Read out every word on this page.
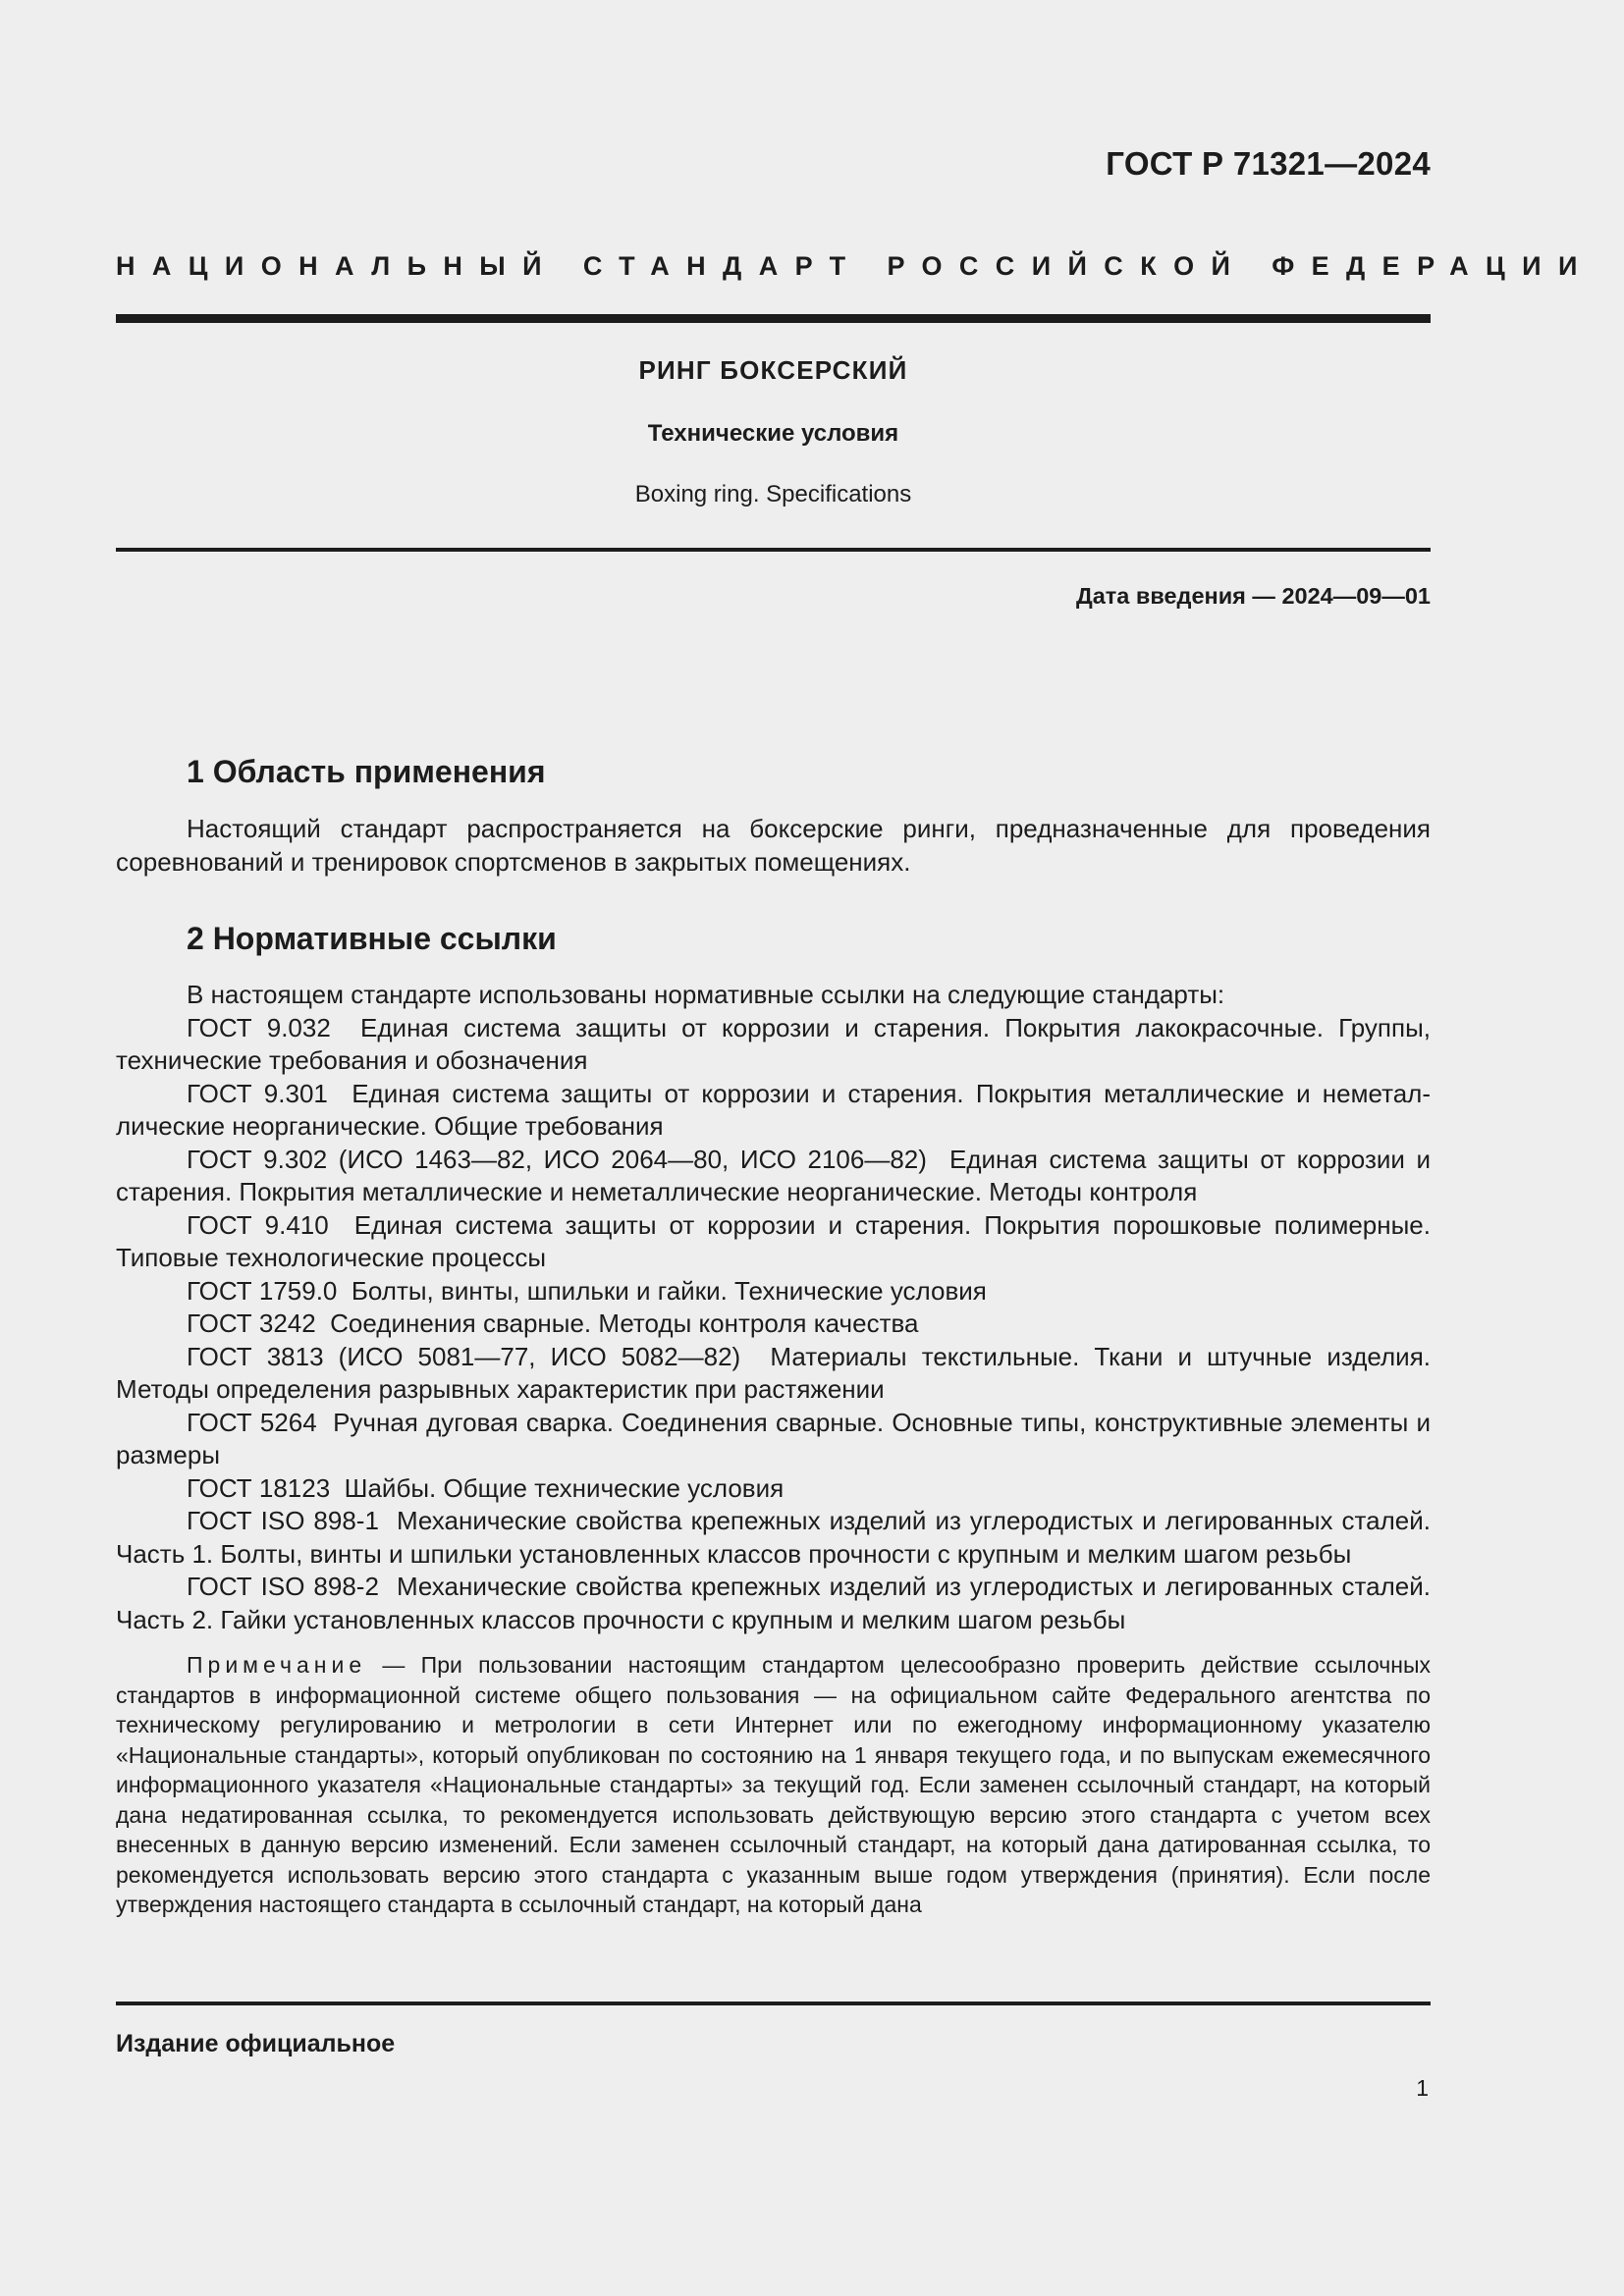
ГОСТ Р 71321—2024
НАЦИОНАЛЬНЫЙ СТАНДАРТ РОССИЙСКОЙ ФЕДЕРАЦИИ
РИНГ БОКСЕРСКИЙ
Технические условия
Boxing ring. Specifications
Дата введения — 2024—09—01
1 Область применения

Настоящий стандарт распространяется на боксерские ринги, предназначенные для проведения соревнований и тренировок спортсменов в закрытых помещениях.

2 Нормативные ссылки

В настоящем стандарте использованы нормативные ссылки на следующие стандарты:

ГОСТ 9.032 Единая система защиты от коррозии и старения. Покрытия лакокрасочные. Группы, технические требования и обозначения

ГОСТ 9.301 Единая система защиты от коррозии и старения. Покрытия металлические и неметаллические неорганические. Общие требования

ГОСТ 9.302 (ИСО 1463—82, ИСО 2064—80, ИСО 2106—82) Единая система защиты от коррозии и старения. Покрытия металлические и неметаллические неорганические. Методы контроля

ГОСТ 9.410 Единая система защиты от коррозии и старения. Покрытия порошковые полимерные. Типовые технологические процессы

ГОСТ 1759.0 Болты, винты, шпильки и гайки. Технические условия

ГОСТ 3242 Соединения сварные. Методы контроля качества

ГОСТ 3813 (ИСО 5081—77, ИСО 5082—82) Материалы текстильные. Ткани и штучные изделия. Методы определения разрывных характеристик при растяжении

ГОСТ 5264 Ручная дуговая сварка. Соединения сварные. Основные типы, конструктивные элементы и размеры

ГОСТ 18123 Шайбы. Общие технические условия

ГОСТ ISO 898-1 Механические свойства крепежных изделий из углеродистых и легированных сталей. Часть 1. Болты, винты и шпильки установленных классов прочности с крупным и мелким шагом резьбы

ГОСТ ISO 898-2 Механические свойства крепежных изделий из углеродистых и легированных сталей. Часть 2. Гайки установленных классов прочности с крупным и мелким шагом резьбы

Примечание — При пользовании настоящим стандартом целесообразно проверить действие ссылочных стандартов в информационной системе общего пользования — на официальном сайте Федерального агентства по техническому регулированию и метрологии в сети Интернет или по ежегодному информационному указателю «Национальные стандарты», который опубликован по состоянию на 1 января текущего года, и по выпускам ежемесячного информационного указателя «Национальные стандарты» за текущий год. Если заменен ссылочный стандарт, на который дана недатированная ссылка, то рекомендуется использовать действующую версию этого стандарта с учетом всех внесенных в данную версию изменений. Если заменен ссылочный стандарт, на который дана датированная ссылка, то рекомендуется использовать версию этого стандарта с указанным выше годом утверждения (принятия). Если после утверждения настоящего стандарта в ссылочный стандарт, на который дана

Издание официальное
1
